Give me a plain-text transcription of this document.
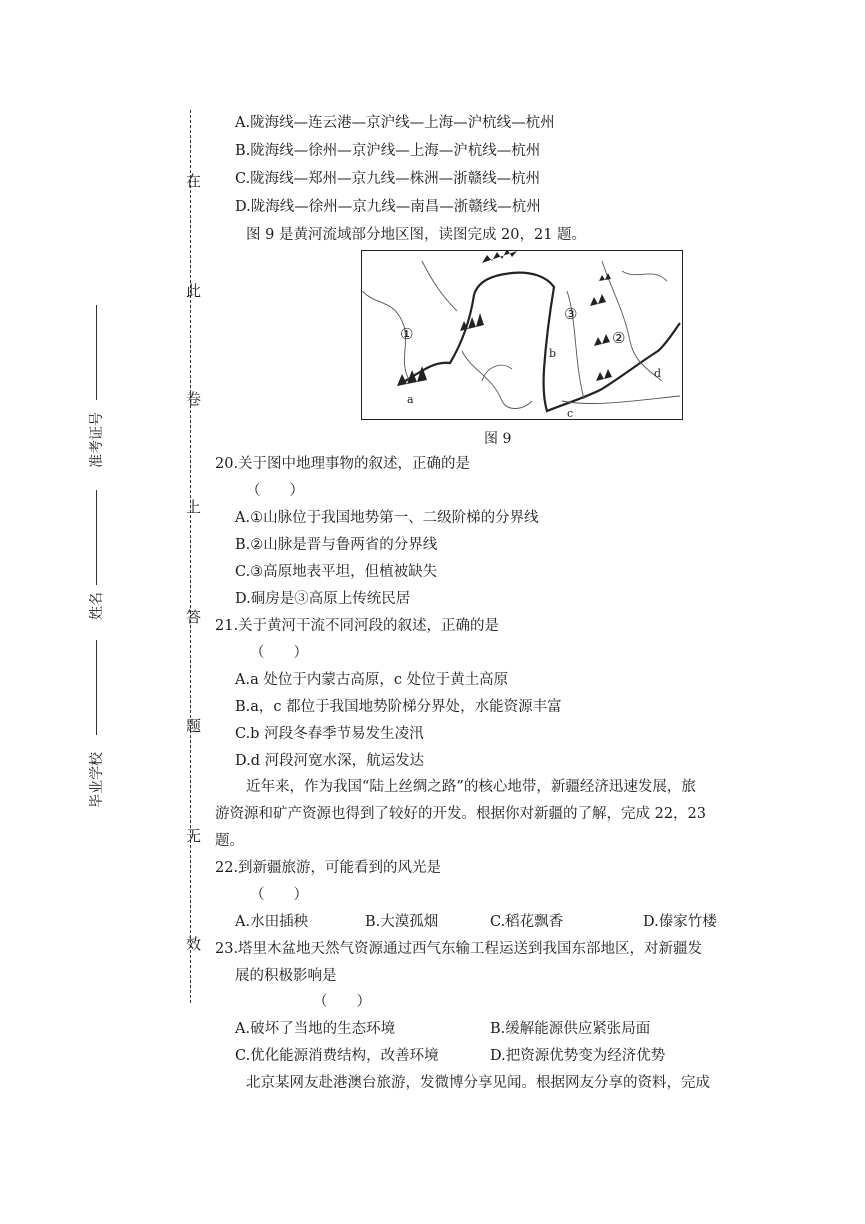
在
此
卷
上
答
题
无
效
准考证号
姓名
毕业学校
A.陇海线—连云港—京沪线—上海—沪杭线—杭州
B.陇海线—徐州—京沪线—上海—沪杭线—杭州
C.陇海线—郑州—京九线—株洲—浙赣线—杭州
D.陇海线—徐州—京九线—南昌—浙赣线—杭州
图 9 是黄河流域部分地区图，读图完成 20，21 题。
①	②
③
a
b
c
d
图 9
20.关于图中地理事物的叙述，正确的是
（　　）
A.①山脉位于我国地势第一、二级阶梯的分界线
B.②山脉是晋与鲁两省的分界线
C.③高原地表平坦，但植被缺失
D.硐房是③高原上传统民居
21.关于黄河干流不同河段的叙述，正确的是
（　　）
A.a 处位于内蒙古高原，c 处位于黄土高原
B.a，c 都位于我国地势阶梯分界处，水能资源丰富
C.b 河段冬春季节易发生凌汛
D.d 河段河宽水深，航运发达
近年来，作为我国“陆上丝绸之路”的核心地带，新疆经济迅速发展，旅
游资源和矿产资源也得到了较好的开发。根据你对新疆的了解，完成 22，23
题。
22.到新疆旅游，可能看到的风光是
（　　）
A.水田插秧	B.大漠孤烟	C.稻花飘香	D.傣家竹楼
23.塔里木盆地天然气资源通过西气东输工程运送到我国东部地区，对新疆发
展的积极影响是
（　　）
A.破坏了当地的生态环境	B.缓解能源供应紧张局面
C.优化能源消费结构，改善环境	D.把资源优势变为经济优势
北京某网友赴港澳台旅游，发微博分享见闻。根据网友分享的资料，完成
